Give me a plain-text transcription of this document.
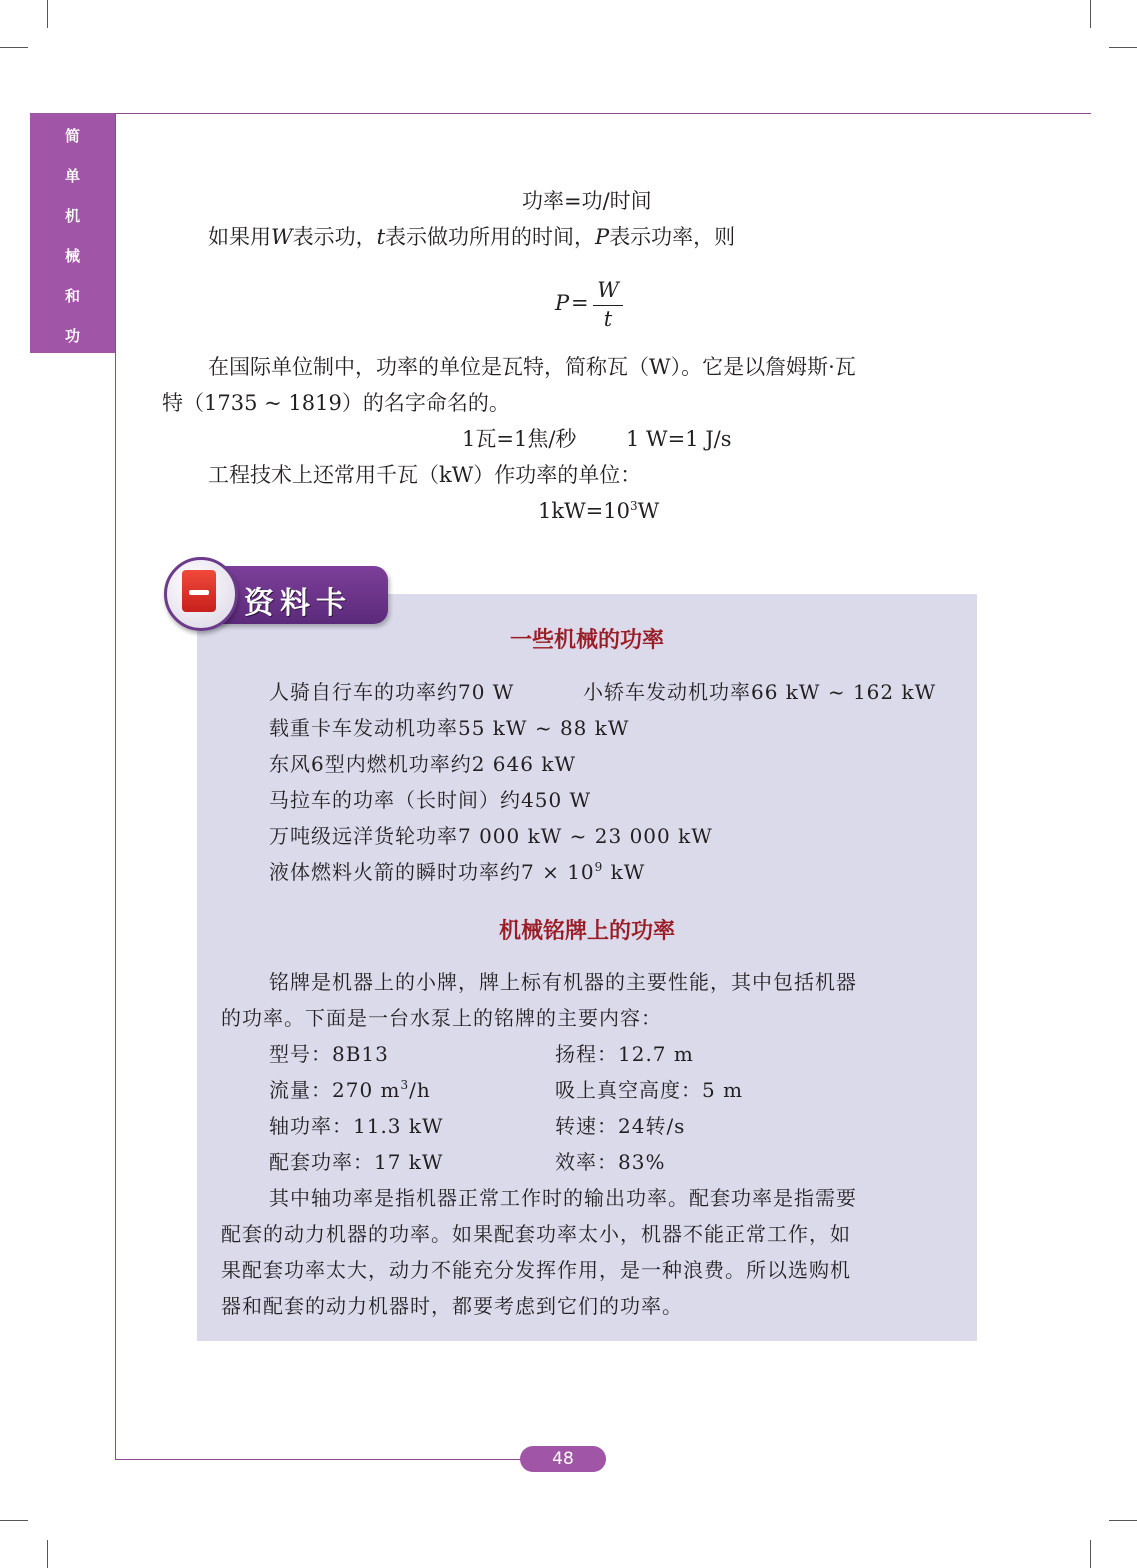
简
单
机
械
和
功
功率=功/时间
如果用W表示功，t表示做功所用的时间，P表示功率，则
P =
W
t
在国际单位制中，功率的单位是瓦特，简称瓦（W）。它是以詹姆斯·瓦
特（1735 ~ 1819）的名字命名的。
1瓦=1焦/秒 1 W=1 J/s
工程技术上还常用千瓦（kW）作功率的单位：
$1kW=10^3W$
一些机械的功率
人骑自行车的功率约70 W	小轿车发动机功率66 kW ~ 162 kW
载重卡车发动机功率55 kW ~ 88 kW
东风6型内燃机功率约2 646 kW
马拉车的功率（长时间）约450 W
万吨级远洋货轮功率7 000 kW ~ 23 000 kW
液体燃料火箭的瞬时功率约$7 \times 10^9$ kW
机械铭牌上的功率
铭牌是机器上的小牌，牌上标有机器的主要性能，其中包括机器
的功率。下面是一台水泵上的铭牌的主要内容：
型号：8B13	扬程：12.7 m
流量：270 $m^3/h$	吸上真空高度：5 m
轴功率：11.3 kW	转速：24转/s
配套功率：17 kW	效率：83%
其中轴功率是指机器正常工作时的输出功率。配套功率是指需要
配套的动力机器的功率。如果配套功率太小，机器不能正常工作，如
果配套功率太大，动力不能充分发挥作用，是一种浪费。所以选购机
器和配套的动力机器时，都要考虑到它们的功率。
资料卡
48
